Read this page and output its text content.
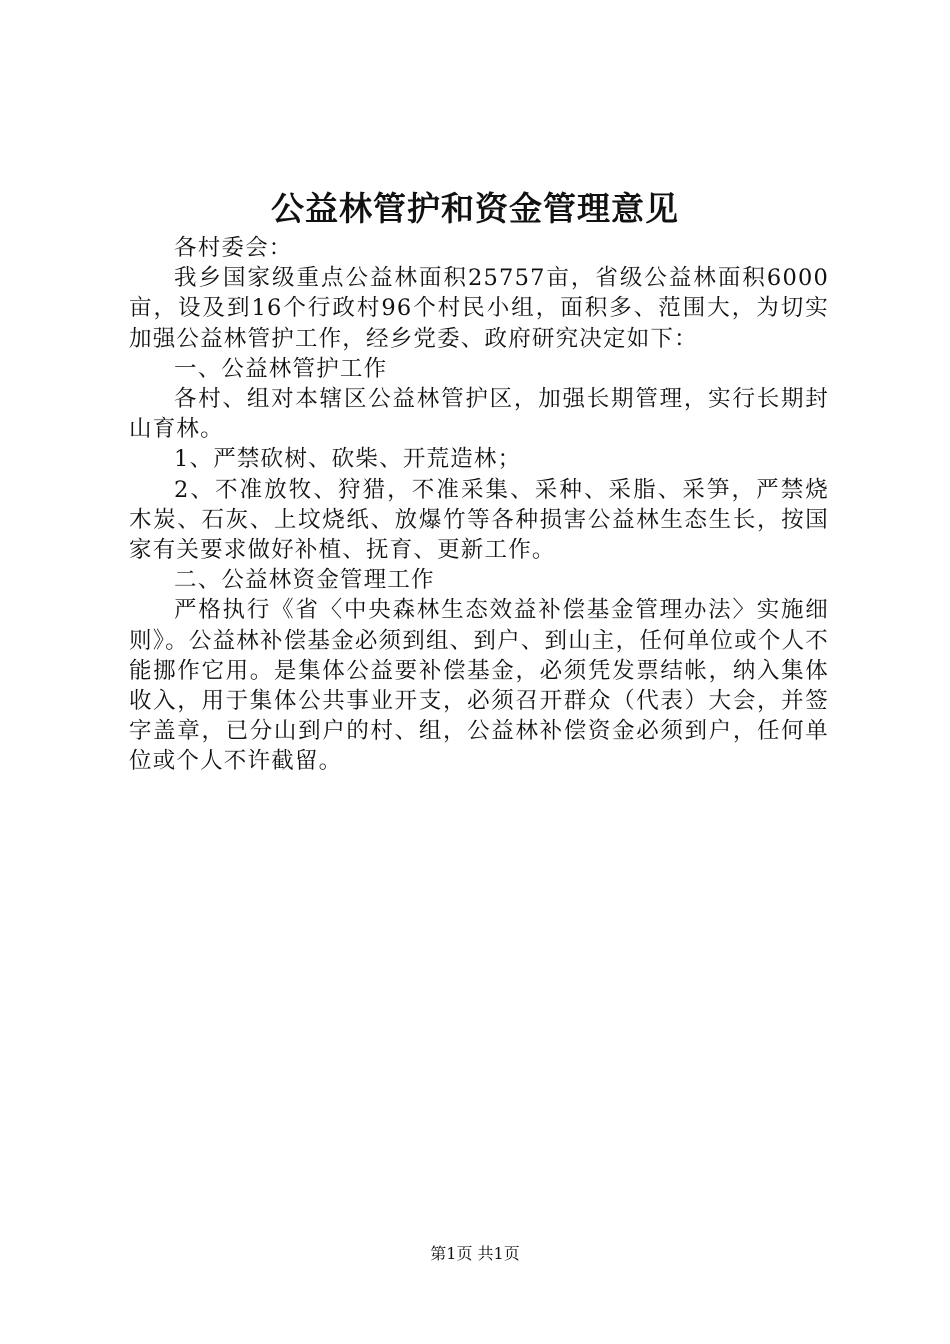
公益林管护和资金管理意见

各村委会：

我乡国家级重点公益林面积25757亩，省级公益林面积6000亩，设及到16个行政村96个村民小组，面积多、范围大，为切实加强公益林管护工作，经乡党委、政府研究决定如下：

一、公益林管护工作

各村、组对本辖区公益林管护区，加强长期管理，实行长期封山育林。

1、严禁砍树、砍柴、开荒造林；

2、不准放牧、狩猎，不准采集、采种、采脂、采笋，严禁烧木炭、石灰、上坟烧纸、放爆竹等各种损害公益林生态生长，按国家有关要求做好补植、抚育、更新工作。

二、公益林资金管理工作

严格执行《省〈中央森林生态效益补偿基金管理办法〉实施细则》。公益林补偿基金必须到组、到户、到山主，任何单位或个人不能挪作它用。是集体公益要补偿基金，必须凭发票结帐，纳入集体收入，用于集体公共事业开支，必须召开群众（代表）大会，并签字盖章，已分山到户的村、组，公益林补偿资金必须到户，任何单位或个人不许截留。

第1页 共1页
